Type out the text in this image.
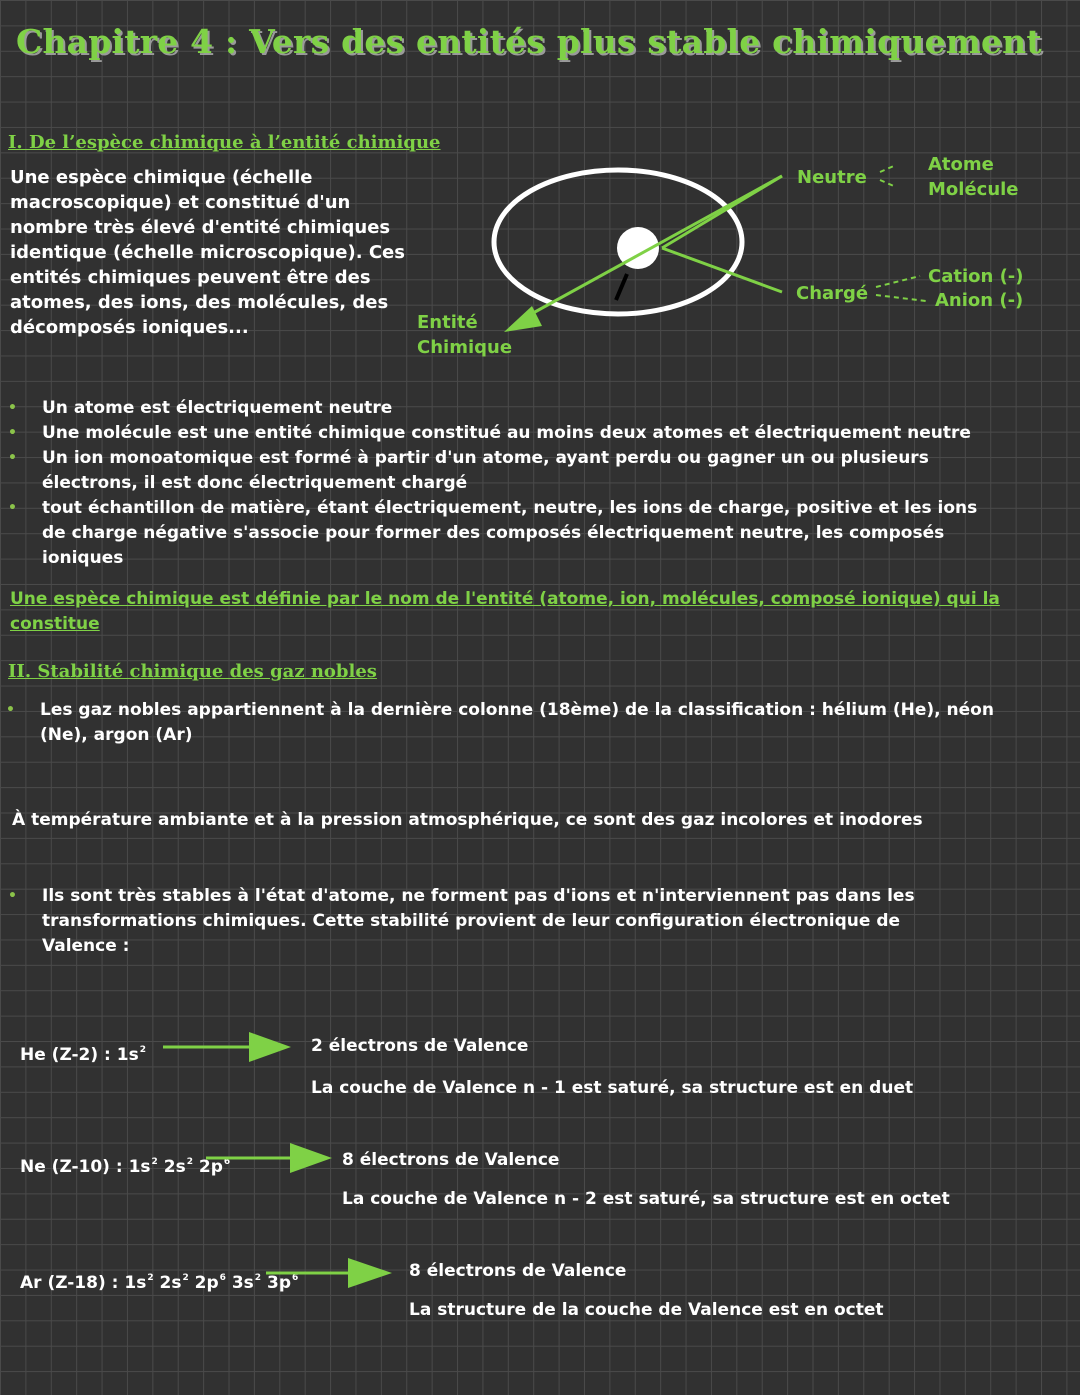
Chapitre 4 : Vers des entités plus stable chimiquement
I. De l’espèce chimique à l’entité chimique
Une espèce chimique (échelle
macroscopique) et constitué d'un
nombre très élevé d'entité chimiques
identique (échelle microscopique). Ces
entités chimiques peuvent être des
atomes, des ions, des molécules, des
décomposés ioniques...	Entité
Chimique
Neutre
Atome
Molécule
Chargé
Cation (-)
Anion (-)
• Un atome est électriquement neutre
• Une molécule est une entité chimique constitué au moins deux atomes et électriquement neutre
• Un ion monoatomique est formé à partir d'un atome, ayant perdu ou gagner un ou plusieurs
électrons, il est donc électriquement chargé
• tout échantillon de matière, étant électriquement, neutre, les ions de charge, positive et les ions
de charge négative s'associe pour former des composés électriquement neutre, les composés
ioniques
Une espèce chimique est définie par le nom de l'entité (atome, ion, molécules, composé ionique) qui la
constitue
II. Stabilité chimique des gaz nobles
• Les gaz nobles appartiennent à la dernière colonne (18ème) de la classification : hélium (He), néon
(Ne), argon (Ar)
À température ambiante et à la pression atmosphérique, ce sont des gaz incolores et inodores
• Ils sont très stables à l'état d'atome, ne forment pas d'ions et n'interviennent pas dans les
transformations chimiques. Cette stabilité provient de leur configuration électronique de
Valence :
He (Z-2) : $1s^2$	2 électrons de Valence
La couche de Valence n - 1 est saturé, sa structure est en duet
Ne (Z-10) : $1s^2$ $2s^2$ $2p^6$	8 électrons de Valence
La couche de Valence n - 2 est saturé, sa structure est en octet
Ar (Z-18) : $1s^2$ $2s^2$ $2p^6$ $3s^2$ $3p^6$	8 électrons de Valence
La structure de la couche de Valence est en octet
